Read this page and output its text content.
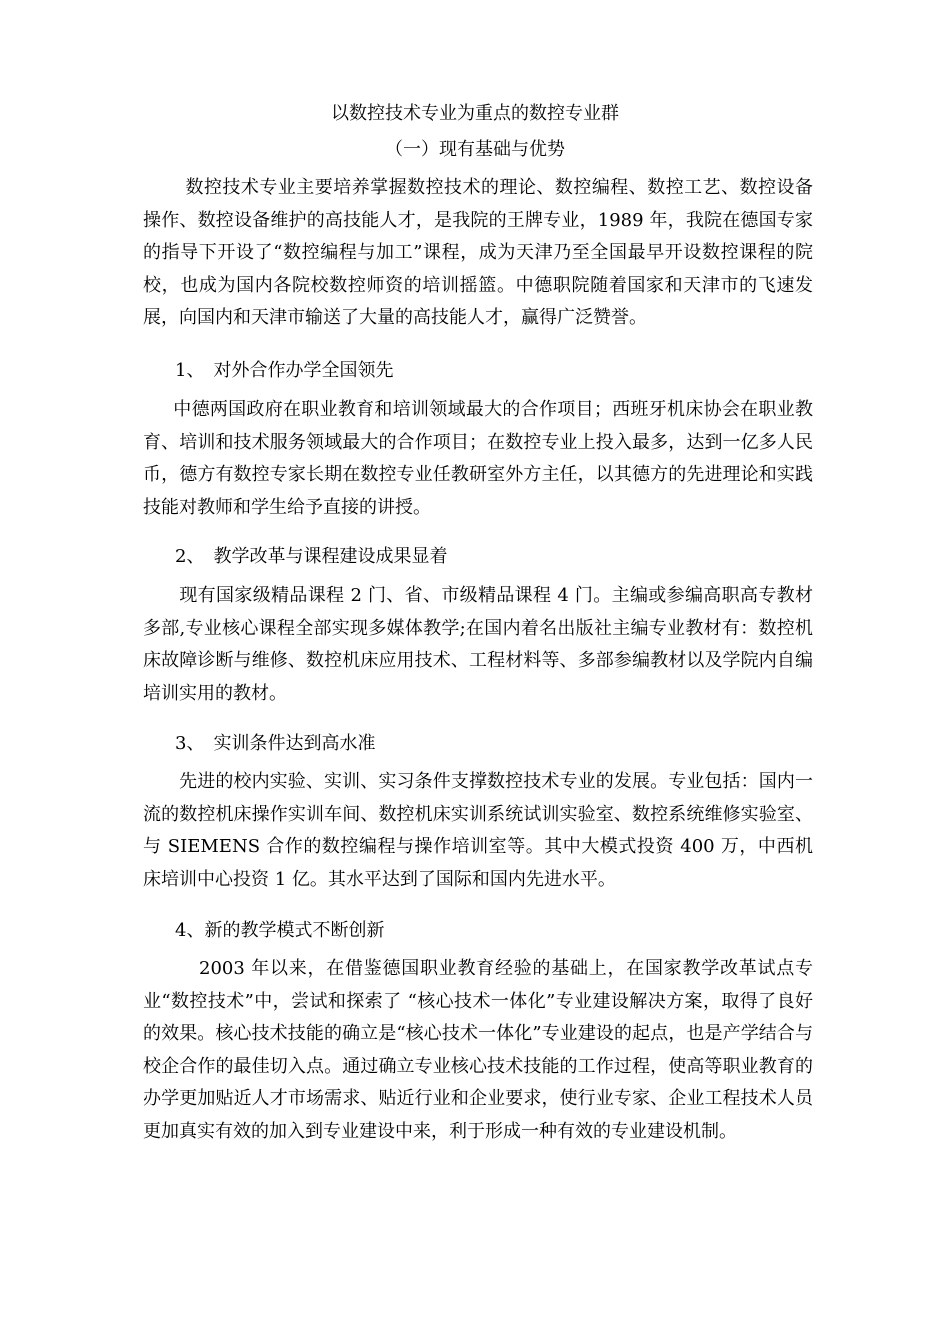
以数控技术专业为重点的数控专业群
（一）现有基础与优势

数控技术专业主要培养掌握数控技术的理论、数控编程、数控工艺、数控设备操作、数控设备维护的高技能人才，是我院的王牌专业，1989 年，我院在德国专家的指导下开设了“数控编程与加工”课程，成为天津乃至全国最早开设数控课程的院校，也成为国内各院校数控师资的培训摇篮。中德职院随着国家和天津市的飞速发展，向国内和天津市输送了大量的高技能人才，赢得广泛赞誉。

1、　对外合作办学全国领先

中德两国政府在职业教育和培训领域最大的合作项目；西班牙机床协会在职业教育、培训和技术服务领域最大的合作项目；在数控专业上投入最多，达到一亿多人民币，德方有数控专家长期在数控专业任教研室外方主任，以其德方的先进理论和实践技能对教师和学生给予直接的讲授。

2、　教学改革与课程建设成果显着

现有国家级精品课程 2 门、省、市级精品课程 4 门。主编或参编高职高专教材多部,专业核心课程全部实现多媒体教学;在国内着名出版社主编专业教材有：数控机床故障诊断与维修、数控机床应用技术、工程材料等、多部参编教材以及学院内自编培训实用的教材。

3、　实训条件达到高水准

先进的校内实验、实训、实习条件支撑数控技术专业的发展。专业包括：国内一流的数控机床操作实训车间、数控机床实训系统试训实验室、数控系统维修实验室、与 SIEMENS 合作的数控编程与操作培训室等。其中大模式投资 400 万，中西机床培训中心投资 1 亿。其水平达到了国际和国内先进水平。

4、新的教学模式不断创新

2003 年以来，在借鉴德国职业教育经验的基础上，在国家教学改革试点专业“数控技术”中，尝试和探索了 “核心技术一体化”专业建设解决方案，取得了良好的效果。核心技术技能的确立是“核心技术一体化”专业建设的起点，也是产学结合与校企合作的最佳切入点。通过确立专业核心技术技能的工作过程，使高等职业教育的办学更加贴近人才市场需求、贴近行业和企业要求，使行业专家、企业工程技术人员更加真实有效的加入到专业建设中来，利于形成一种有效的专业建设机制。
